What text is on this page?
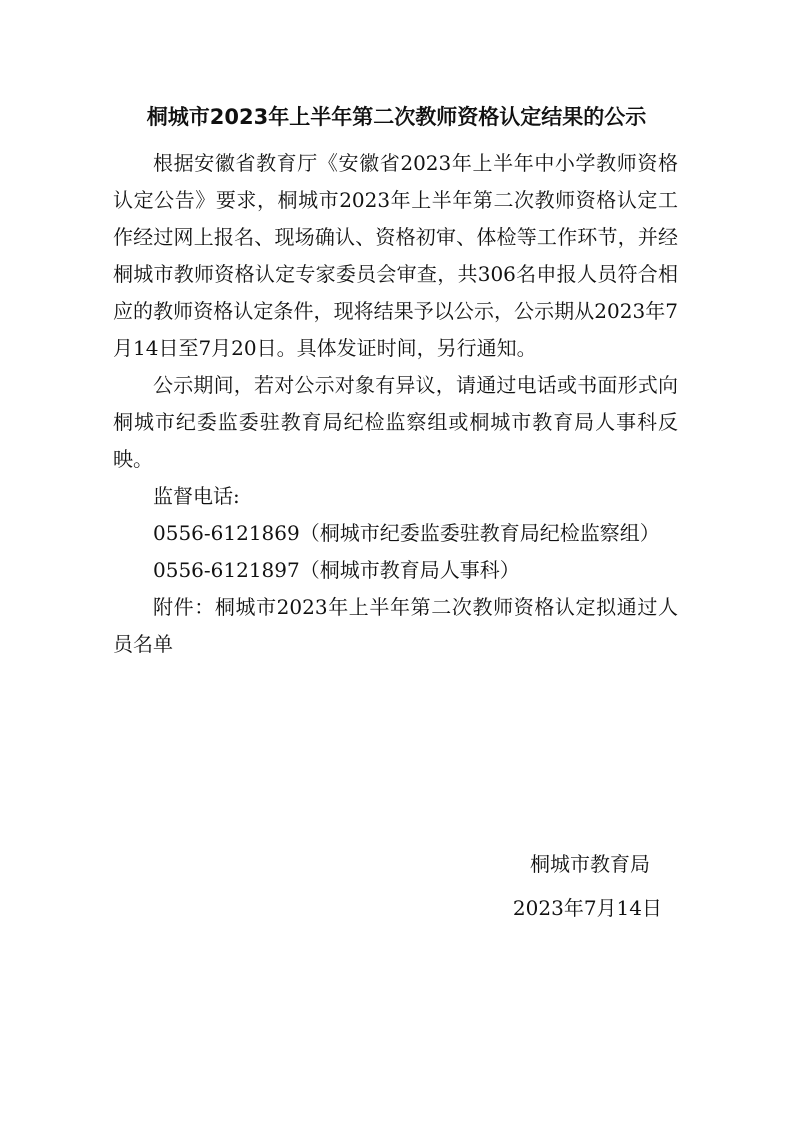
桐城市2023年上半年第二次教师资格认定结果的公示

根据安徽省教育厅《安徽省2023年上半年中小学教师资格认定公告》要求，桐城市2023年上半年第二次教师资格认定工作经过网上报名、现场确认、资格初审、体检等工作环节，并经桐城市教师资格认定专家委员会审查，共306名申报人员符合相应的教师资格认定条件，现将结果予以公示，公示期从2023年7月14日至7月20日。具体发证时间，另行通知。

公示期间，若对公示对象有异议，请通过电话或书面形式向桐城市纪委监委驻教育局纪检监察组或桐城市教育局人事科反映。

监督电话:

0556-6121869（桐城市纪委监委驻教育局纪检监察组）

0556-6121897（桐城市教育局人事科）

附件：桐城市2023年上半年第二次教师资格认定拟通过人员名单

桐城市教育局
2023年7月14日
